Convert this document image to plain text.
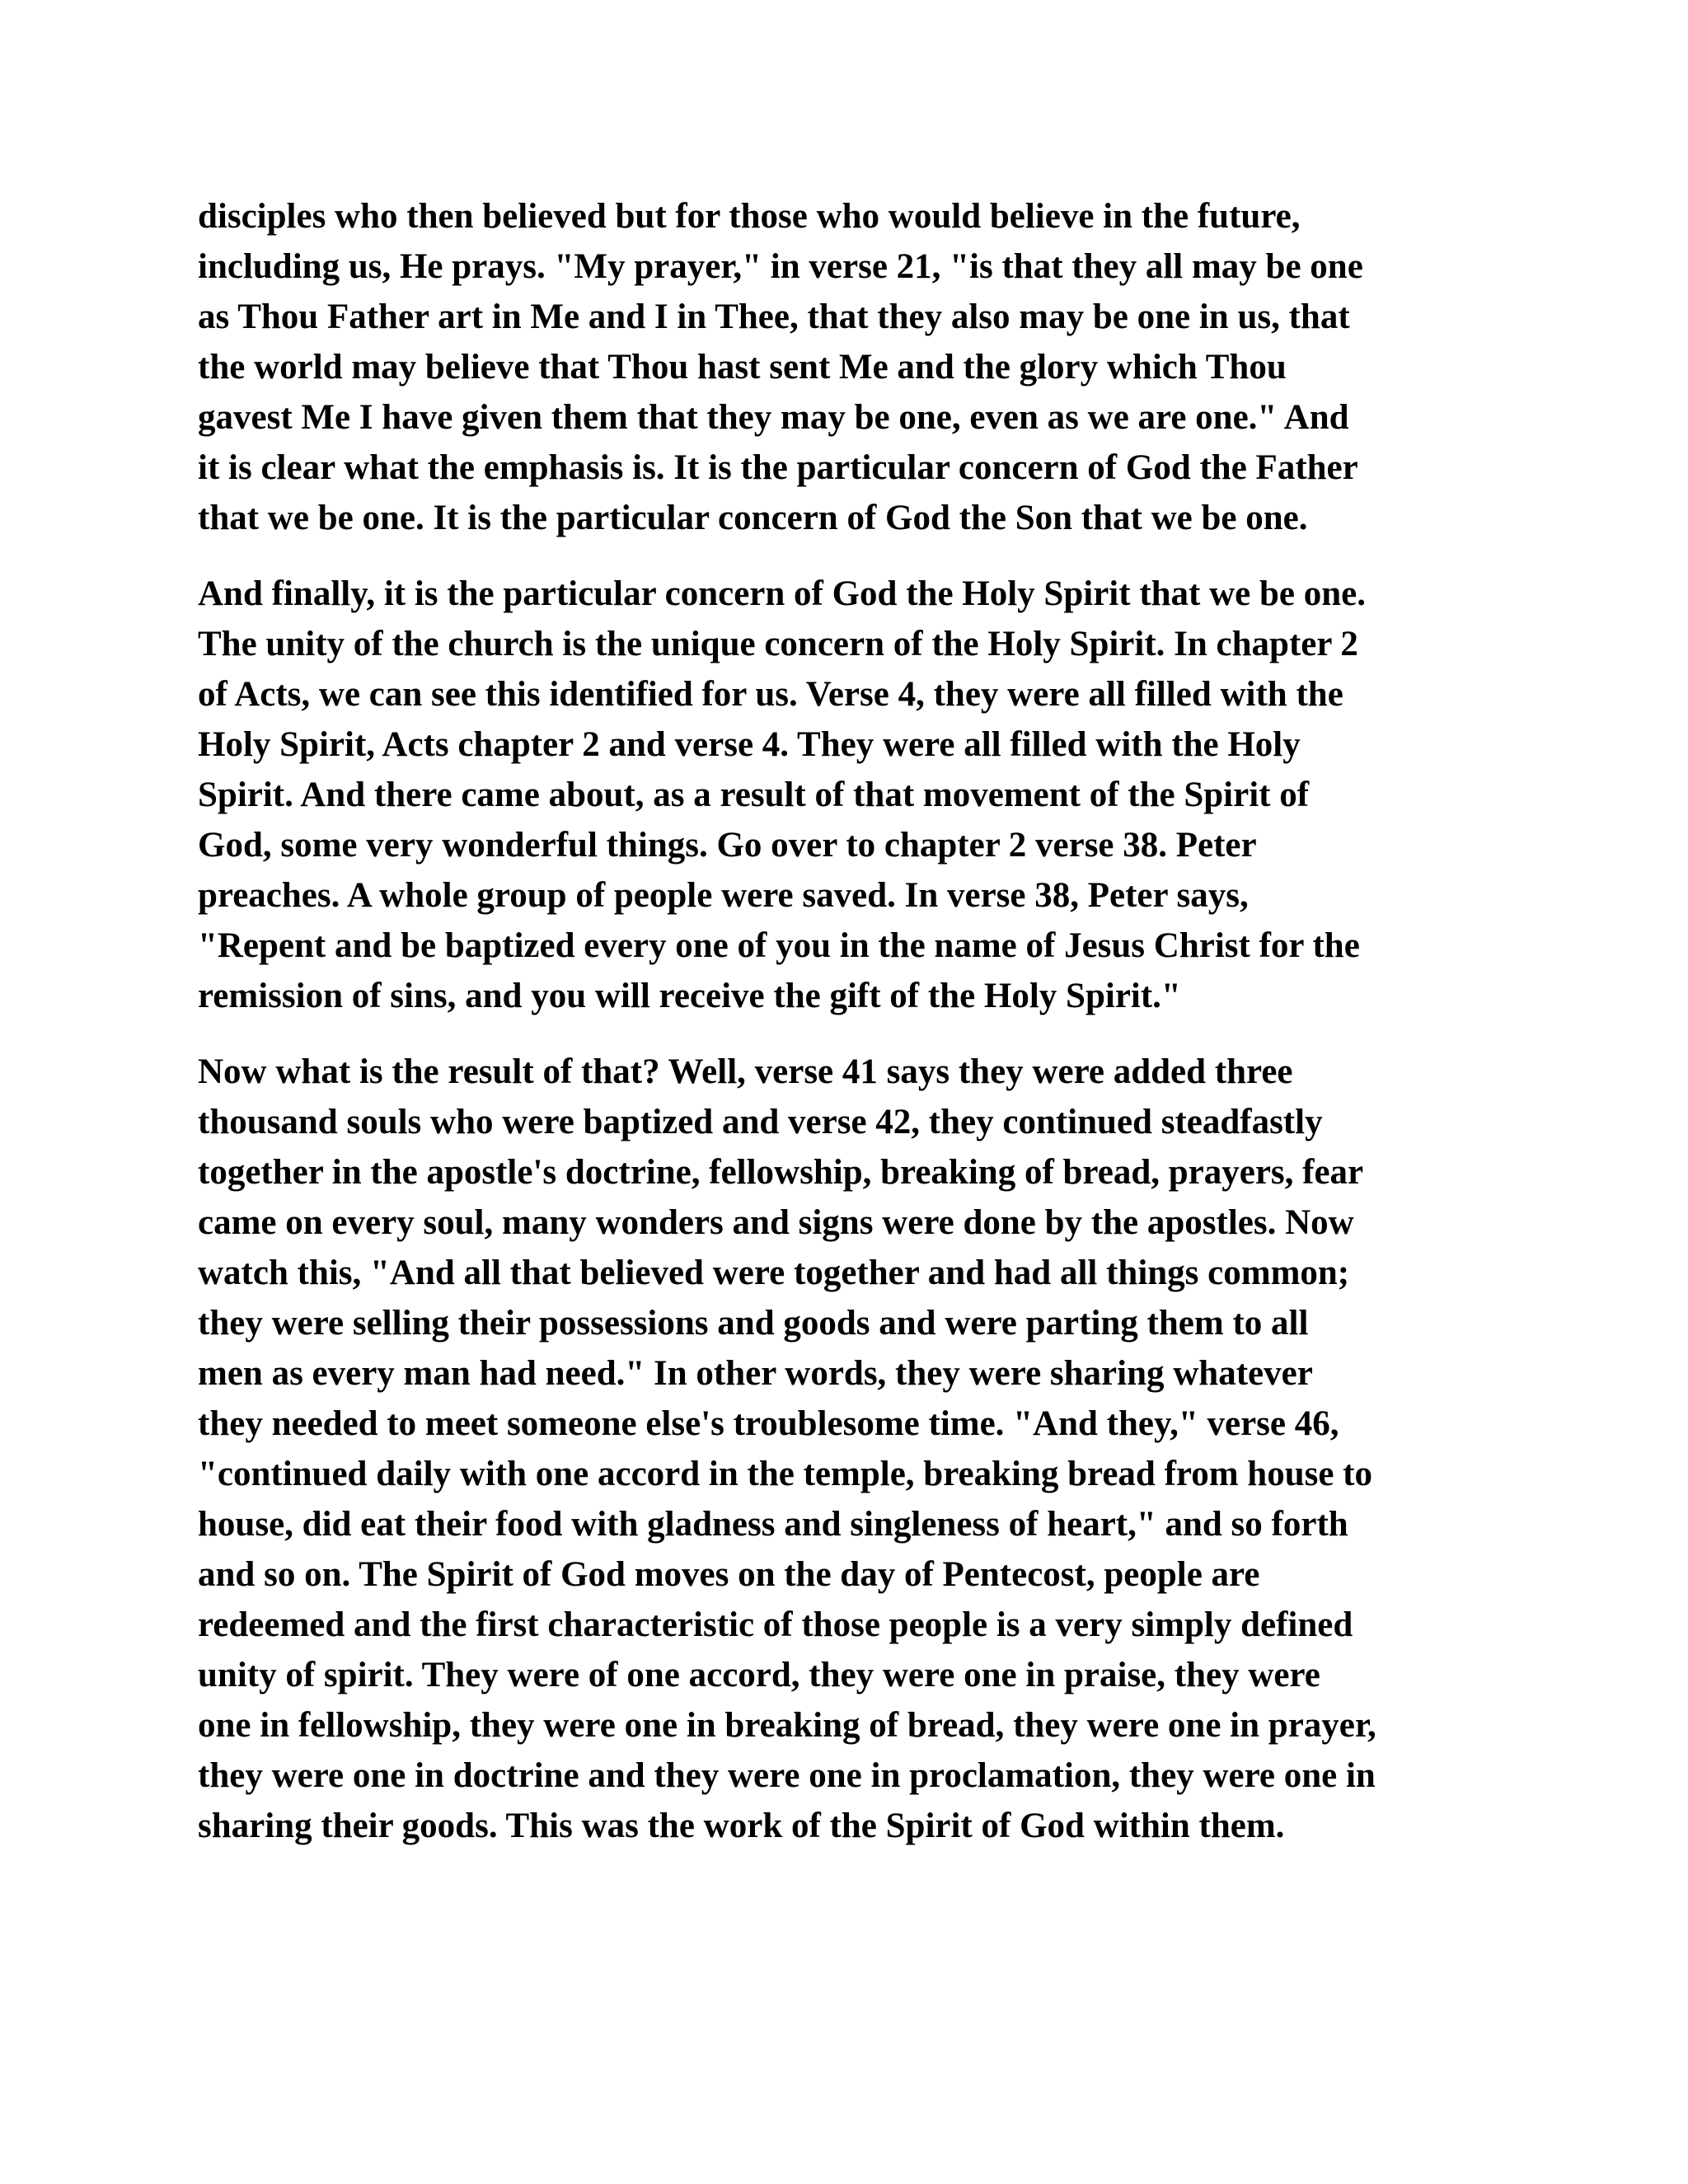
disciples who then believed but for those who would believe in the future,
including us, He prays. "My prayer," in verse 21, "is that they all may be one
as Thou Father art in Me and I in Thee, that they also may be one in us, that
the world may believe that Thou hast sent Me and the glory which Thou
gavest Me I have given them that they may be one, even as we are one." And
it is clear what the emphasis is. It is the particular concern of God the Father
that we be one. It is the particular concern of God the Son that we be one.
And finally, it is the particular concern of God the Holy Spirit that we be one.
The unity of the church is the unique concern of the Holy Spirit. In chapter 2
of Acts, we can see this identified for us. Verse 4, they were all filled with the
Holy Spirit, Acts chapter 2 and verse 4. They were all filled with the Holy
Spirit. And there came about, as a result of that movement of the Spirit of
God, some very wonderful things. Go over to chapter 2 verse 38. Peter
preaches. A whole group of people were saved. In verse 38, Peter says,
"Repent and be baptized every one of you in the name of Jesus Christ for the
remission of sins, and you will receive the gift of the Holy Spirit."
Now what is the result of that? Well, verse 41 says they were added three
thousand souls who were baptized and verse 42, they continued steadfastly
together in the apostle's doctrine, fellowship, breaking of bread, prayers, fear
came on every soul, many wonders and signs were done by the apostles. Now
watch this, "And all that believed were together and had all things common;
they were selling their possessions and goods and were parting them to all
men as every man had need." In other words, they were sharing whatever
they needed to meet someone else's troublesome time. "And they," verse 46,
"continued daily with one accord in the temple, breaking bread from house to
house, did eat their food with gladness and singleness of heart," and so forth
and so on. The Spirit of God moves on the day of Pentecost, people are
redeemed and the first characteristic of those people is a very simply defined
unity of spirit. They were of one accord, they were one in praise, they were
one in fellowship, they were one in breaking of bread, they were one in prayer,
they were one in doctrine and they were one in proclamation, they were one in
sharing their goods. This was the work of the Spirit of God within them.
